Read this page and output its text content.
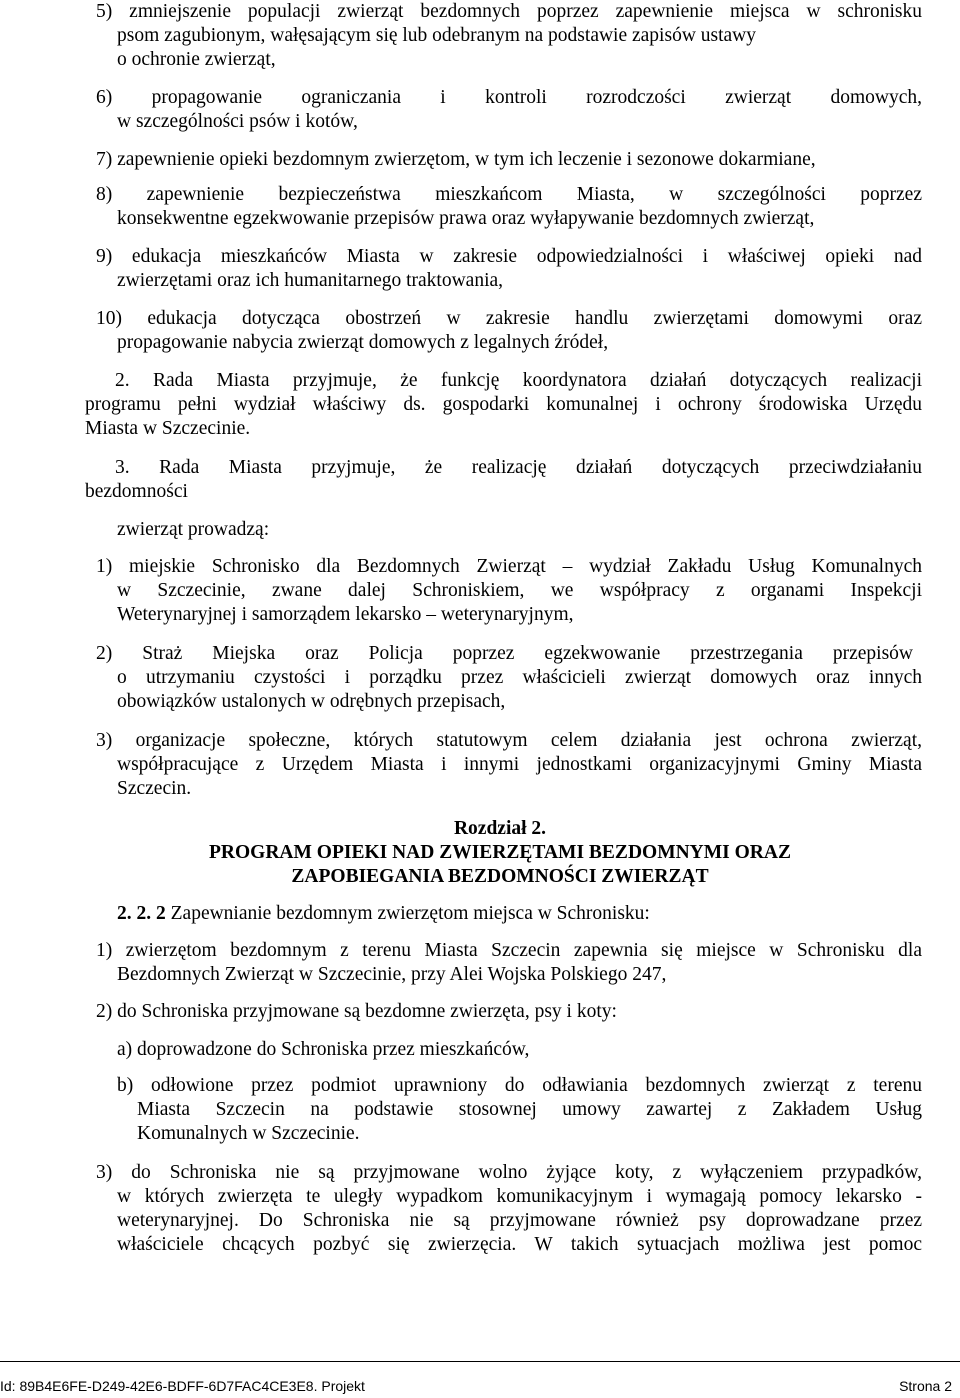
5) zmniejszenie populacji zwierząt bezdomnych poprzez zapewnienie miejsca w schronisku
psom zagubionym, wałęsającym się lub odebranym na podstawie zapisów ustawy
o ochronie zwierząt,
6) propagowanie ograniczania i kontroli rozrodczości zwierząt domowych,
w szczególności psów i kotów,
7) zapewnienie opieki bezdomnym zwierzętom, w tym ich leczenie i sezonowe dokarmiane,
8) zapewnienie bezpieczeństwa mieszkańcom Miasta, w szczególności poprzez
konsekwentne egzekwowanie przepisów prawa oraz wyłapywanie bezdomnych zwierząt,
9) edukacja mieszkańców Miasta w zakresie odpowiedzialności i właściwej opieki nad
zwierzętami oraz ich humanitarnego traktowania,
10) edukacja dotycząca obostrzeń w zakresie handlu zwierzętami domowymi oraz
propagowanie nabycia zwierząt domowych z legalnych źródeł,
2. Rada Miasta przyjmuje, że funkcję koordynatora działań dotyczących realizacji
programu pełni wydział właściwy ds. gospodarki komunalnej i ochrony środowiska Urzędu
Miasta w Szczecinie.
3. Rada Miasta przyjmuje, że realizację działań dotyczących przeciwdziałaniu
bezdomności
zwierząt prowadzą:
1) miejskie Schronisko dla Bezdomnych Zwierząt – wydział Zakładu Usług Komunalnych
w Szczecinie, zwane dalej Schroniskiem, we współpracy z organami Inspekcji
Weterynaryjnej i samorządem lekarsko – weterynaryjnym,
2) Straż Miejska oraz Policja poprzez egzekwowanie przestrzegania przepisów
o utrzymaniu czystości i porządku przez właścicieli zwierząt domowych oraz innych
obowiązków ustalonych w odrębnych przepisach,
3) organizacje społeczne, których statutowym celem działania jest ochrona zwierząt,
współpracujące z Urzędem Miasta i innymi jednostkami organizacyjnymi Gminy Miasta
Szczecin.
Rozdział 2.
PROGRAM OPIEKI NAD ZWIERZĘTAMI BEZDOMNYMI ORAZ
ZAPOBIEGANIA BEZDOMNOŚCI ZWIERZĄT
2. 2. 2 Zapewnianie bezdomnym zwierzętom miejsca w Schronisku:
1) zwierzętom bezdomnym z terenu Miasta Szczecin zapewnia się miejsce w Schronisku dla
Bezdomnych Zwierząt w Szczecinie, przy Alei Wojska Polskiego 247,
2) do Schroniska przyjmowane są bezdomne zwierzęta, psy i koty:
a) doprowadzone do Schroniska przez mieszkańców,
b) odłowione przez podmiot uprawniony do odławiania bezdomnych zwierząt z terenu
Miasta Szczecin na podstawie stosownej umowy zawartej z Zakładem Usług
Komunalnych w Szczecinie.
3) do Schroniska nie są przyjmowane wolno żyjące koty, z wyłączeniem przypadków,
w których zwierzęta te uległy wypadkom komunikacyjnym i wymagają pomocy lekarsko -
weterynaryjnej. Do Schroniska nie są przyjmowane również psy doprowadzane przez
właściciele chcących pozbyć się zwierzęcia. W takich sytuacjach możliwa jest pomoc
Id: 89B4E6FE-D249-42E6-BDFF-6D7FAC4CE3E8. Projekt	Strona 2
